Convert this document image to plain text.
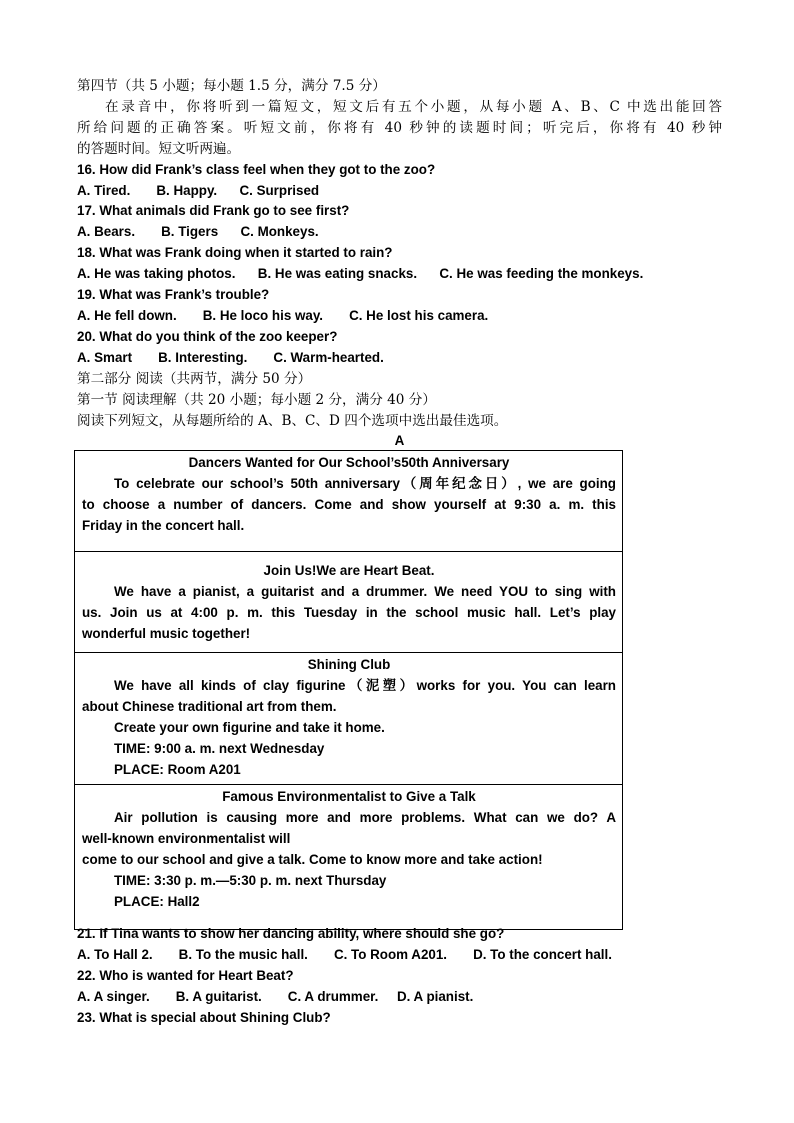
第四节（共 5 小题；每小题 1.5 分，满分 7.5 分）
在录音中，你将听到一篇短文，短文后有五个小题，从每小题 A、B、C 中选出能回答
所给问题的正确答案。听短文前，你将有 40 秒钟的读题时间；听完后，你将有 40 秒钟
的答题时间。短文听两遍。
16. How did Frank’s class feel when they got to the zoo?
A. Tired.       B. Happy.      C. Surprised
17. What animals did Frank go to see first?
A. Bears.       B. Tigers      C. Monkeys.
18. What was Frank doing when it started to rain?
A. He was taking photos.      B. He was eating snacks.      C. He was feeding the monkeys.
19. What was Frank’s trouble?
A. He fell down.       B. He loco his way.       C. He lost his camera.
20. What do you think of the zoo keeper?
A. Smart       B. Interesting.       C. Warm-hearted.
第二部分 阅读（共两节，满分 50 分）
第一节 阅读理解（共 20 小题；每小题 2 分，满分 40 分）
阅读下列短文，从每题所给的 A、B、C、D 四个选项中选出最佳选项。
A
Dancers Wanted for Our School’s50th Anniversary
To celebrate our school’s 50th anniversary（周年纪念日）, we are going
to choose a number of dancers. Come and show yourself at 9:30 a. m. this
Friday in the concert hall.

Join Us!We are Heart Beat.
We have a pianist, a guitarist and a drummer. We need YOU to sing with
us. Join us at 4:00 p. m. this Tuesday in the school music hall. Let’s play
wonderful music together!

Shining Club
We have all kinds of clay figurine（泥塑）works for you. You can learn
about Chinese traditional art from them.
Create your own figurine and take it home.
TIME: 9:00 a. m. next Wednesday
PLACE: Room A201

Famous Environmentalist to Give a Talk
Air pollution is causing more and more problems. What can we do? A
well-known environmentalist will
come to our school and give a talk. Come to know more and take action!
TIME: 3:30 p. m.—5:30 p. m. next Thursday
PLACE: Hall2
21. If Tina wants to show her dancing ability, where should she go?
A. To Hall 2.       B. To the music hall.       C. To Room A201.       D. To the concert hall.
22. Who is wanted for Heart Beat?
A. A singer.       B. A guitarist.       C. A drummer.     D. A pianist.
23. What is special about Shining Club?
